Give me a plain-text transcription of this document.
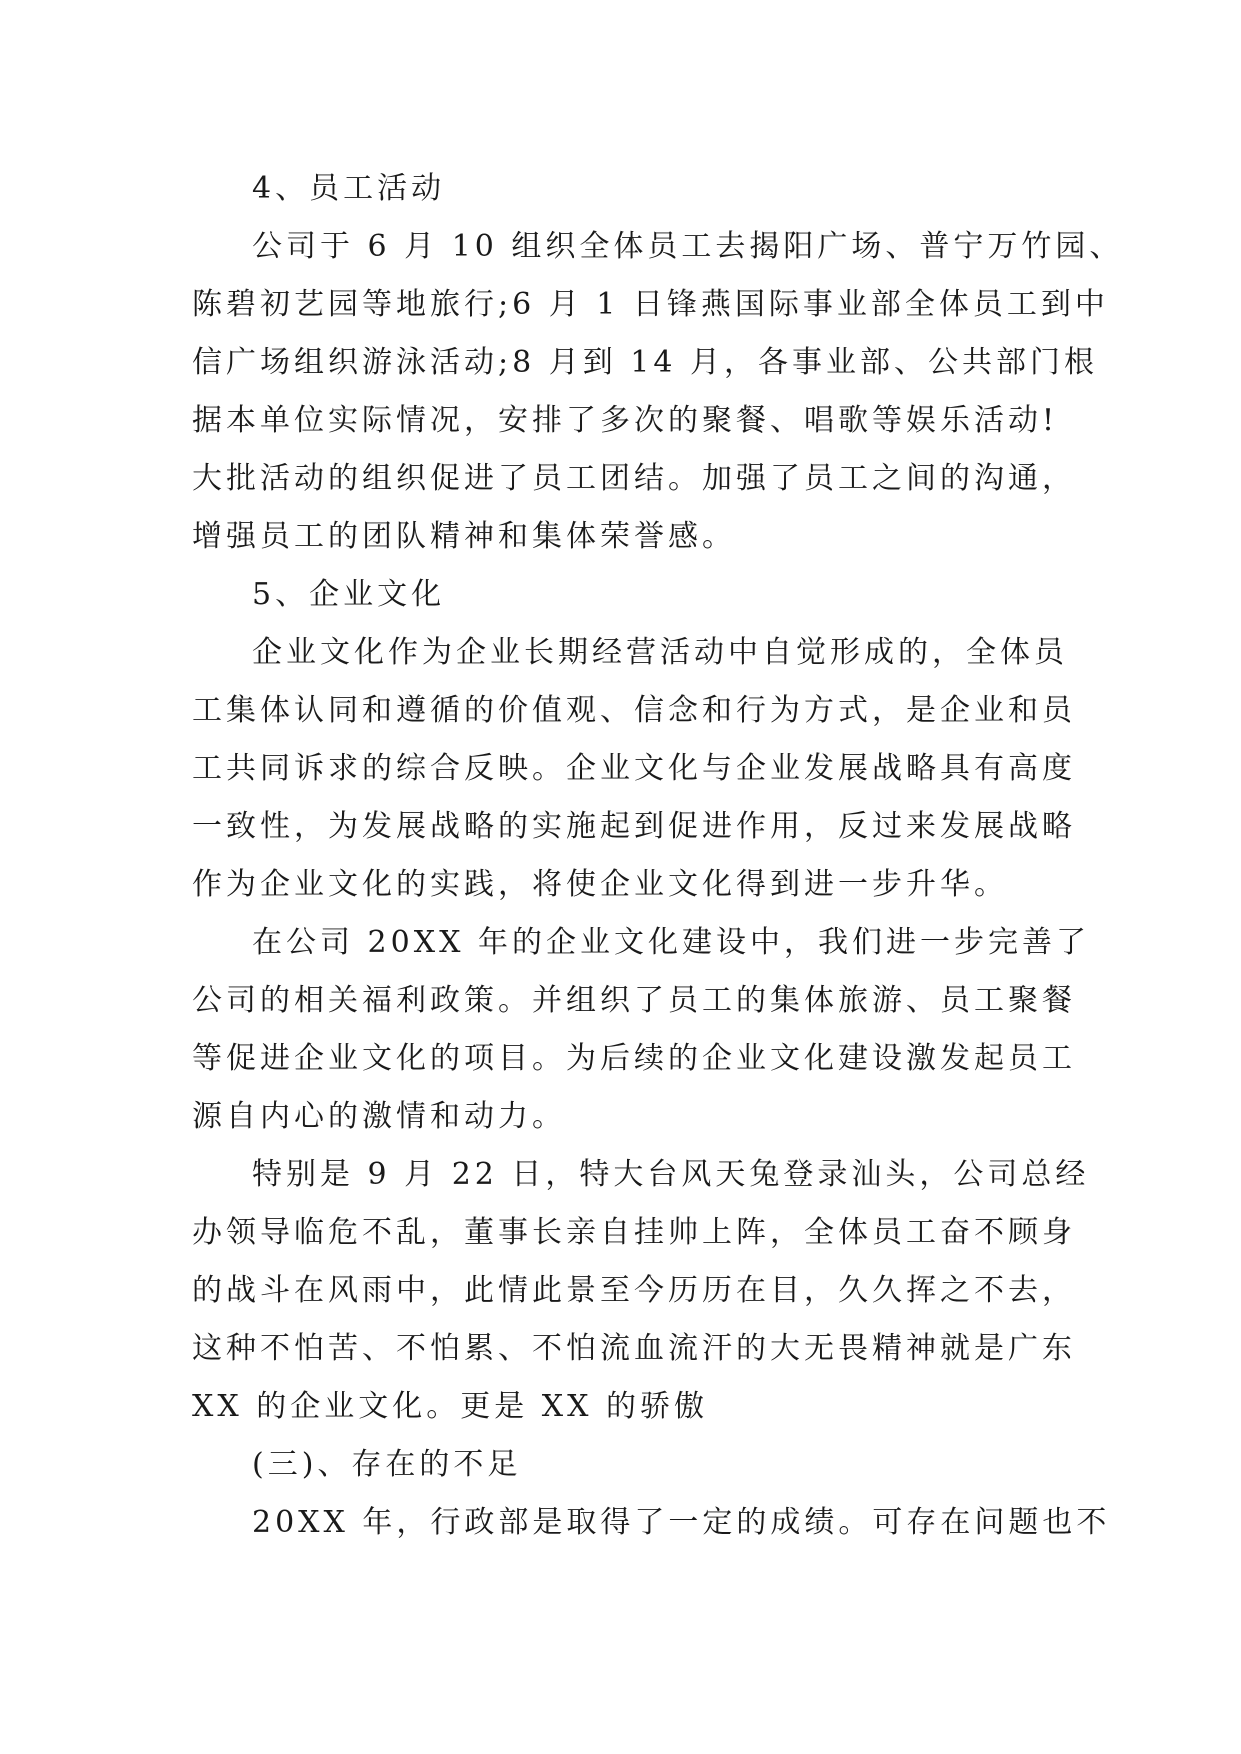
4、员工活动
公司于 6 月 10 组织全体员工去揭阳广场、普宁万竹园、
陈碧初艺园等地旅行;6 月 1 日锋燕国际事业部全体员工到中
信广场组织游泳活动;8 月到 14 月，各事业部、公共部门根
据本单位实际情况，安排了多次的聚餐、唱歌等娱乐活动!
大批活动的组织促进了员工团结。加强了员工之间的沟通，
增强员工的团队精神和集体荣誉感。
5、企业文化
企业文化作为企业长期经营活动中自觉形成的，全体员
工集体认同和遵循的价值观、信念和行为方式，是企业和员
工共同诉求的综合反映。企业文化与企业发展战略具有高度
一致性，为发展战略的实施起到促进作用，反过来发展战略
作为企业文化的实践，将使企业文化得到进一步升华。
在公司 20XX 年的企业文化建设中，我们进一步完善了
公司的相关福利政策。并组织了员工的集体旅游、员工聚餐
等促进企业文化的项目。为后续的企业文化建设激发起员工
源自内心的激情和动力。
特别是 9 月 22 日，特大台风天兔登录汕头，公司总经
办领导临危不乱，董事长亲自挂帅上阵，全体员工奋不顾身
的战斗在风雨中，此情此景至今历历在目，久久挥之不去，
这种不怕苦、不怕累、不怕流血流汗的大无畏精神就是广东
XX 的企业文化。更是 XX 的骄傲
(三)、存在的不足
20XX 年，行政部是取得了一定的成绩。可存在问题也不
